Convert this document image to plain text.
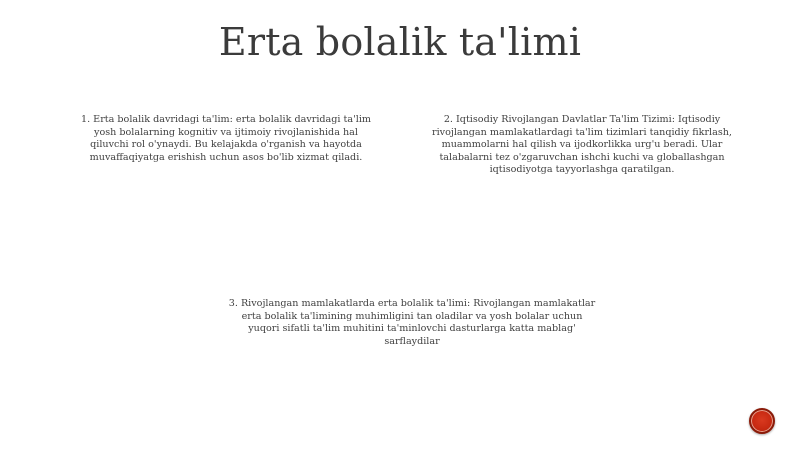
Erta bolalik ta'limi

1. Erta bolalik davridagi ta'lim: erta bolalik davridagi ta'lim yosh bolalarning kognitiv va ijtimoiy rivojlanishida hal qiluvchi rol o'ynaydi. Bu kelajakda o'rganish va hayotda muvaffaqiyatga erishish uchun asos bo'lib xizmat qiladi.

2. Iqtisodiy Rivojlangan Davlatlar Ta'lim Tizimi: Iqtisodiy rivojlangan mamlakatlardagi ta'lim tizimlari tanqidiy fikrlash, muammolarni hal qilish va ijodkorlikka urg'u beradi. Ular talabalarni tez o'zgaruvchan ishchi kuchi va globallashgan iqtisodiyotga tayyorlashga qaratilgan.

3. Rivojlangan mamlakatlarda erta bolalik ta'limi: Rivojlangan mamlakatlar erta bolalik ta'limining muhimligini tan oladilar va yosh bolalar uchun yuqori sifatli ta'lim muhitini ta'minlovchi dasturlarga katta mablag' sarflaydilar
